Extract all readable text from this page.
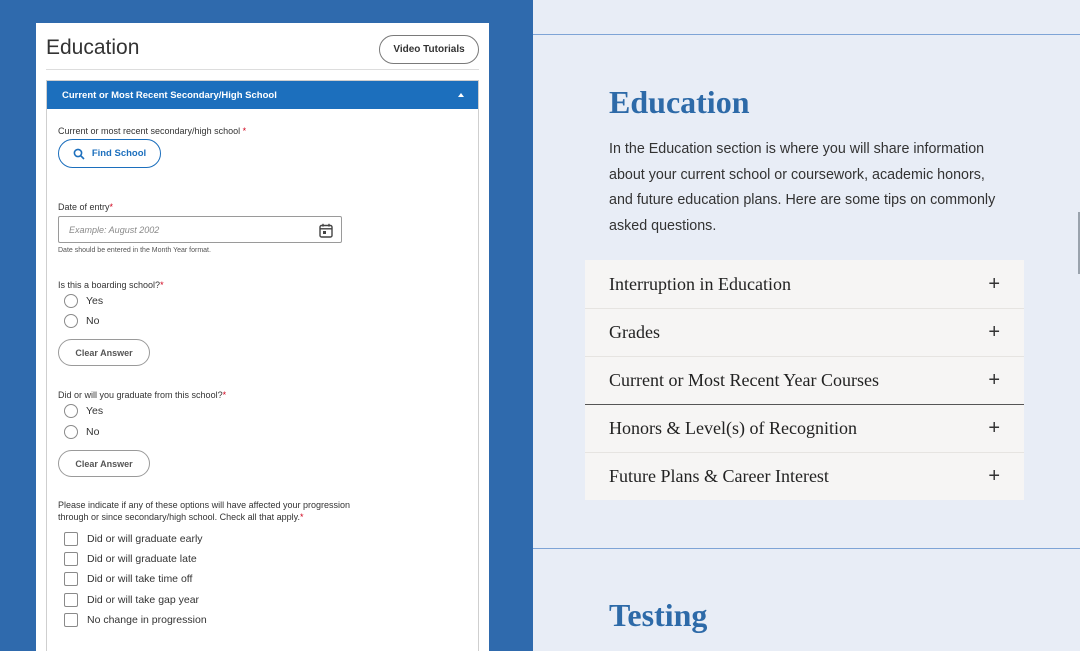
Education	Video Tutorials
Current or Most Recent Secondary/High School
Current or most recent secondary/high school *
Find School
Date of entry*
Example: August 2002
Date should be entered in the Month Year format.
Is this a boarding school?*
Yes
No
Clear Answer
Did or will you graduate from this school?*
Yes
No
Clear Answer
Please indicate if any of these options will have affected your progression
through or since secondary/high school. Check all that apply.*
Did or will graduate early
Did or will graduate late
Did or will take time off
Did or will take gap year
No change in progression
Education

In the Education section is where you will share information about your current school or coursework, academic honors, and future education plans. Here are some tips on commonly asked questions.

Interruption in Education	+
Grades	+
Current or Most Recent Year Courses	+
Honors & Level(s) of Recognition	+
Future Plans & Career Interest	+
Testing
